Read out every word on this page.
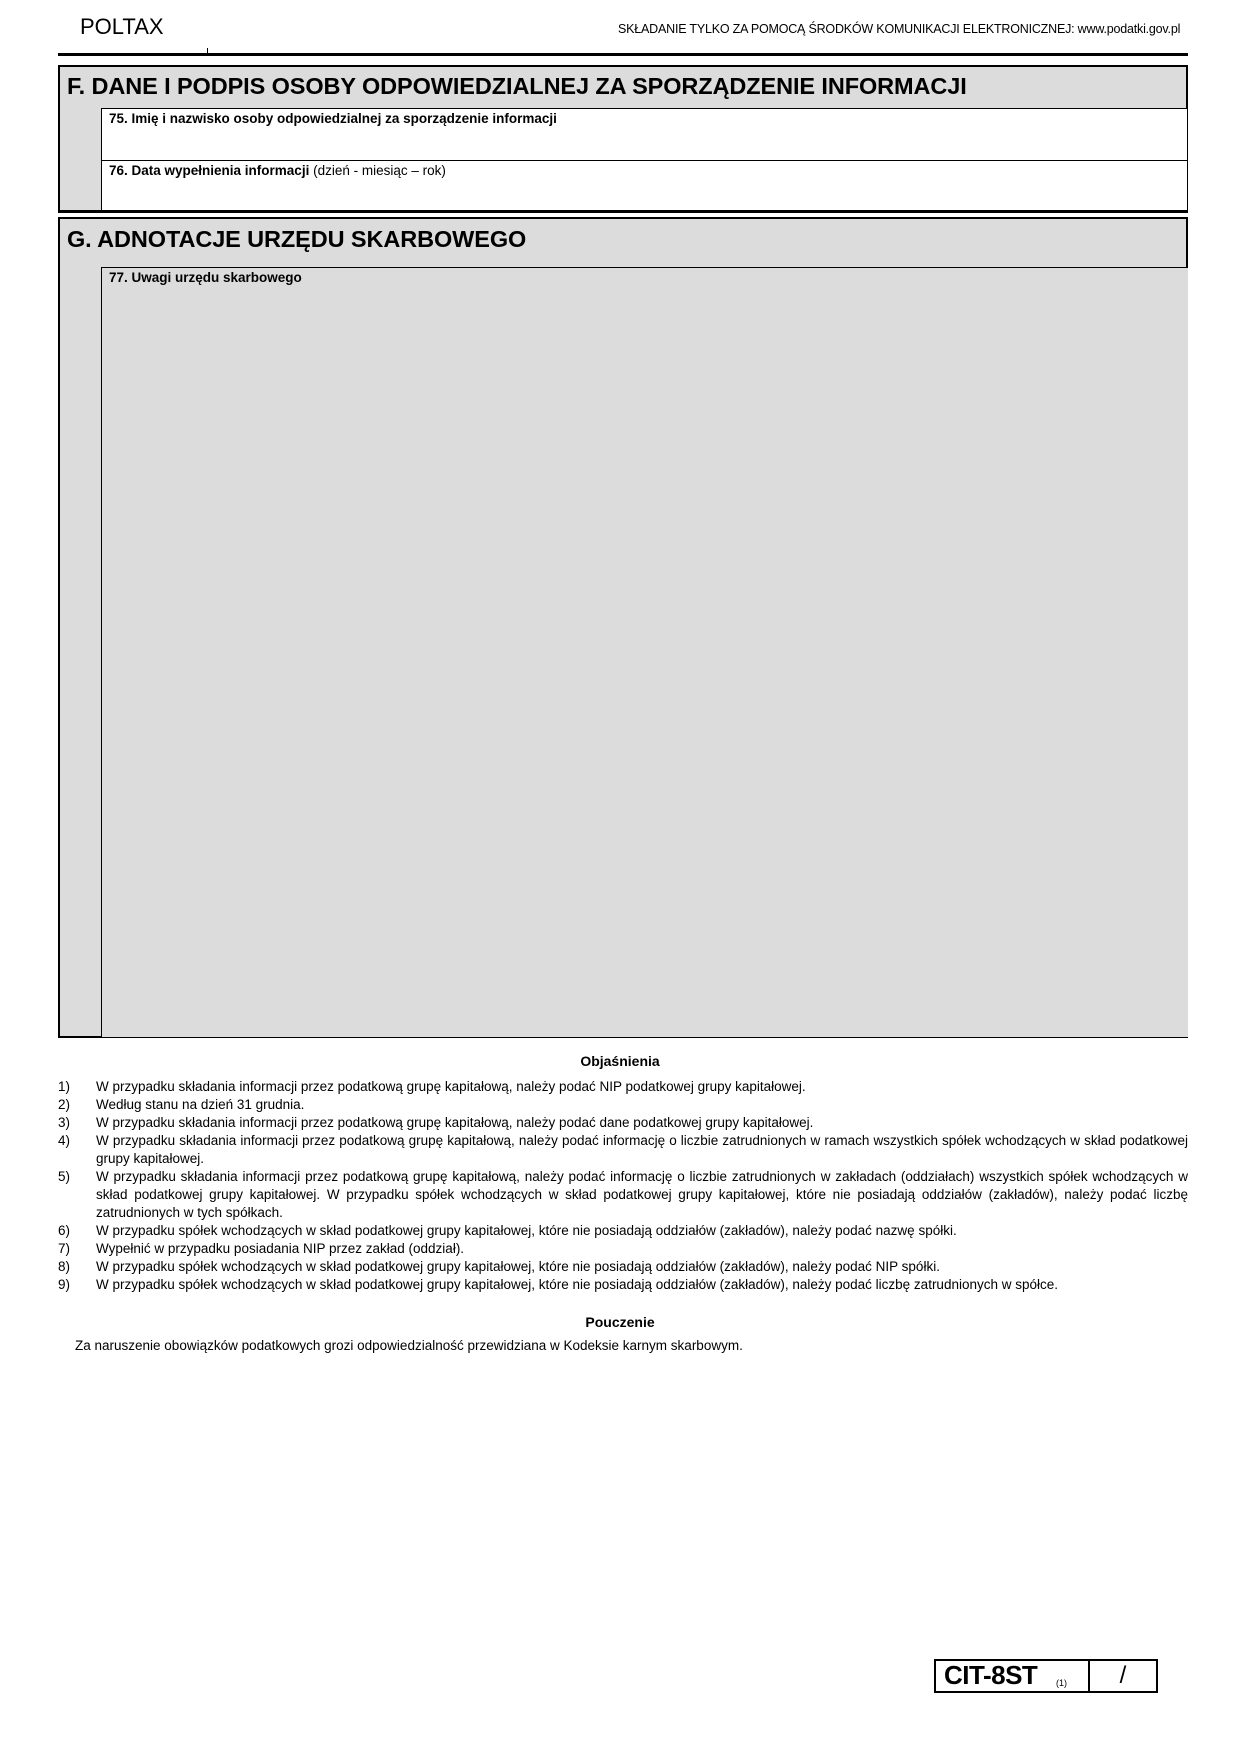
POLTAX	SKŁADANIE TYLKO ZA POMOCĄ ŚRODKÓW KOMUNIKACJI ELEKTRONICZNEJ: www.podatki.gov.pl
F. DANE I PODPIS OSOBY ODPOWIEDZIALNEJ ZA SPORZĄDZENIE INFORMACJI
75. Imię i nazwisko osoby odpowiedzialnej za sporządzenie informacji
76. Data wypełnienia informacji (dzień - miesiąc – rok)
G. ADNOTACJE URZĘDU SKARBOWEGO
77. Uwagi urzędu skarbowego
Objaśnienia
1) W przypadku składania informacji przez podatkową grupę kapitałową, należy podać NIP podatkowej grupy kapitałowej.
2) Według stanu na dzień 31 grudnia.
3) W przypadku składania informacji przez podatkową grupę kapitałową, należy podać dane podatkowej grupy kapitałowej.
4) W przypadku składania informacji przez podatkową grupę kapitałową, należy podać informację o liczbie zatrudnionych w ramach wszystkich spółek wchodzących w skład podatkowej grupy kapitałowej.
5) W przypadku składania informacji przez podatkową grupę kapitałową, należy podać informację o liczbie zatrudnionych w zakładach (oddziałach) wszystkich spółek wchodzących w skład podatkowej grupy kapitałowej. W przypadku spółek wchodzących w skład podatkowej grupy kapitałowej, które nie posiadają oddziałów (zakładów), należy podać liczbę zatrudnionych w tych spółkach.
6) W przypadku spółek wchodzących w skład podatkowej grupy kapitałowej, które nie posiadają oddziałów (zakładów), należy podać nazwę spółki.
7) Wypełnić w przypadku posiadania NIP przez zakład (oddział).
8) W przypadku spółek wchodzących w skład podatkowej grupy kapitałowej, które nie posiadają oddziałów (zakładów), należy podać NIP spółki.
9) W przypadku spółek wchodzących w skład podatkowej grupy kapitałowej, które nie posiadają oddziałów (zakładów), należy podać liczbę zatrudnionych w spółce.
Pouczenie
Za naruszenie obowiązków podatkowych grozi odpowiedzialność przewidziana w Kodeksie karnym skarbowym.
CIT-8ST (1)	/
